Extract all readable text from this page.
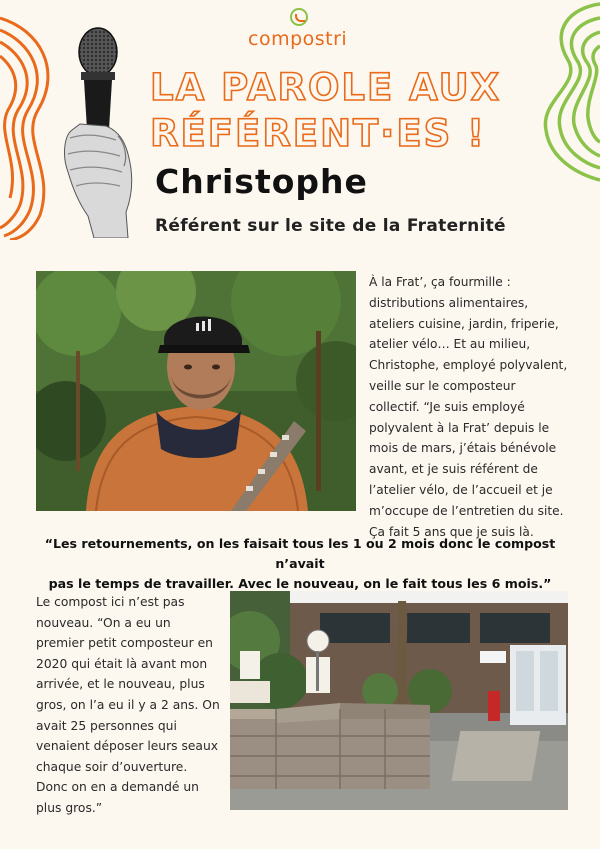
compostri
LA PAROLE AUX
RÉFÉRENT·ES !
Christophe
Référent sur le site de la Fraternité
À la Frat’, ça fourmille : distributions alimentaires, ateliers cuisine, jardin, friperie, atelier vélo… Et au milieu, Christophe, employé polyvalent, veille sur le composteur collectif. “Je suis employé polyvalent à la Frat’ depuis le mois de mars, j’étais bénévole avant, et je suis référent de l’atelier vélo, de l’accueil et je m’occupe de l’entretien du site. Ça fait 5 ans que je suis là.
“Les retournements, on les faisait tous les 1 ou 2 mois donc le compost n’avait
pas le temps de travailler. Avec le nouveau, on le fait tous les 6 mois.”
Le compost ici n’est pas nouveau. “On a eu un premier petit composteur en 2020 qui était là avant mon arrivée, et le nouveau, plus gros, on l’a eu il y a 2 ans. On avait 25 personnes qui venaient déposer leurs seaux chaque soir d’ouverture. Donc on en a demandé un plus gros.”
